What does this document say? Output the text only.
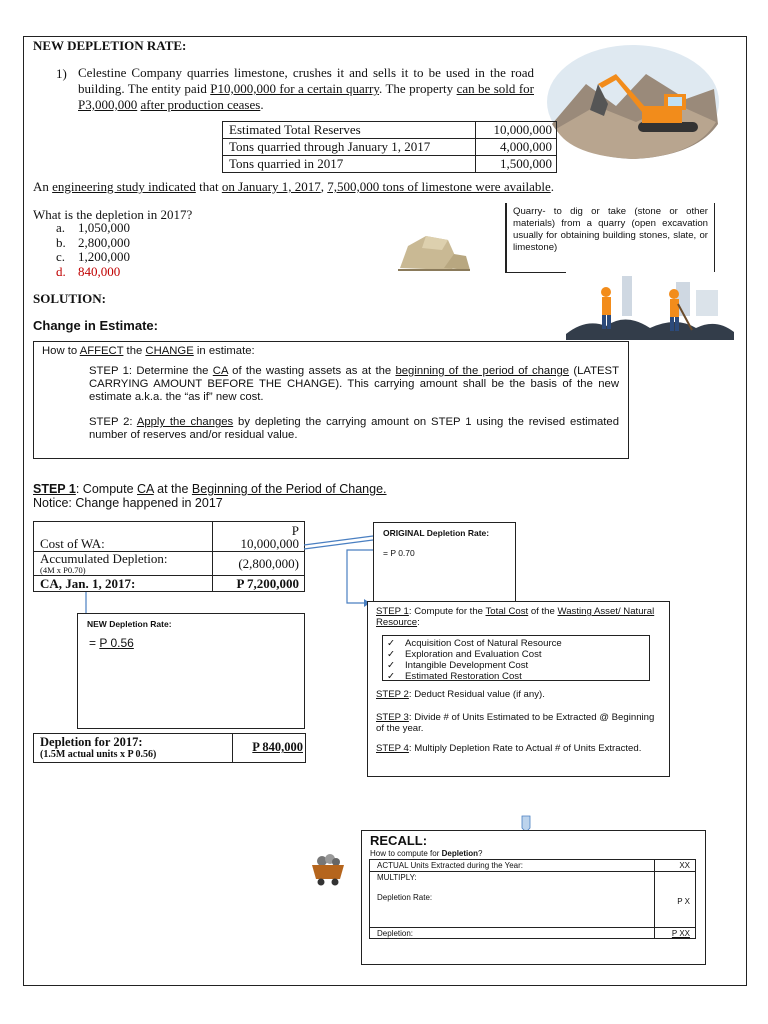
NEW DEPLETION RATE:
1) Celestine Company quarries limestone, crushes it and sells it to be used in the road building. The entity paid P10,000,000 for a certain quarry. The property can be sold for P3,000,000 after production ceases.
Estimated Total Reserves	10,000,000
Tons quarried through January 1, 2017	4,000,000
Tons quarried in 2017	1,500,000
An engineering study indicated that on January 1, 2017, 7,500,000 tons of limestone were available.
What is the depletion in 2017?
a. 1,050,000
b. 2,800,000
c. 1,200,000
d. 840,000
Quarry- to dig or take (stone or other materials) from a quarry (open excavation usually for obtaining building stones, slate, or limestone)
SOLUTION:
Change in Estimate:
How to AFFECT the CHANGE in estimate:
STEP 1: Determine the CA of the wasting assets as at the beginning of the period of change (LATEST CARRYING AMOUNT BEFORE THE CHANGE). This carrying amount shall be the basis of the new estimate a.k.a. the “as if” new cost.
STEP 2: Apply the changes by depleting the carrying amount on STEP 1 using the revised estimated number of reserves and/or residual value.
STEP 1: Compute CA at the Beginning of the Period of Change.
Notice: Change happened in 2017
P
Cost of WA:	10,000,000
Accumulated Depletion:
(4M x P0.70)	(2,800,000)
CA, Jan. 1, 2017:	P 7,200,000
ORIGINAL Depletion Rate:
= P 0.70
NEW Depletion Rate:
= P 0.56
Depletion for 2017:
(1.5M actual units x P 0.56)
P 840,000
STEP 1: Compute for the Total Cost of the Wasting Asset/ Natural Resource:
✓ Acquisition Cost of Natural Resource
✓ Exploration and Evaluation Cost
✓ Intangible Development Cost
✓ Estimated Restoration Cost
STEP 2: Deduct Residual value (if any).
STEP 3: Divide # of Units Estimated to be Extracted @ Beginning of the year.
STEP 4: Multiply Depletion Rate to Actual # of Units Extracted.
RECALL:
How to compute for Depletion?
ACTUAL Units Extracted during the Year:	XX
MULTIPLY:
Depletion Rate:	P X
Depletion:	P XX
